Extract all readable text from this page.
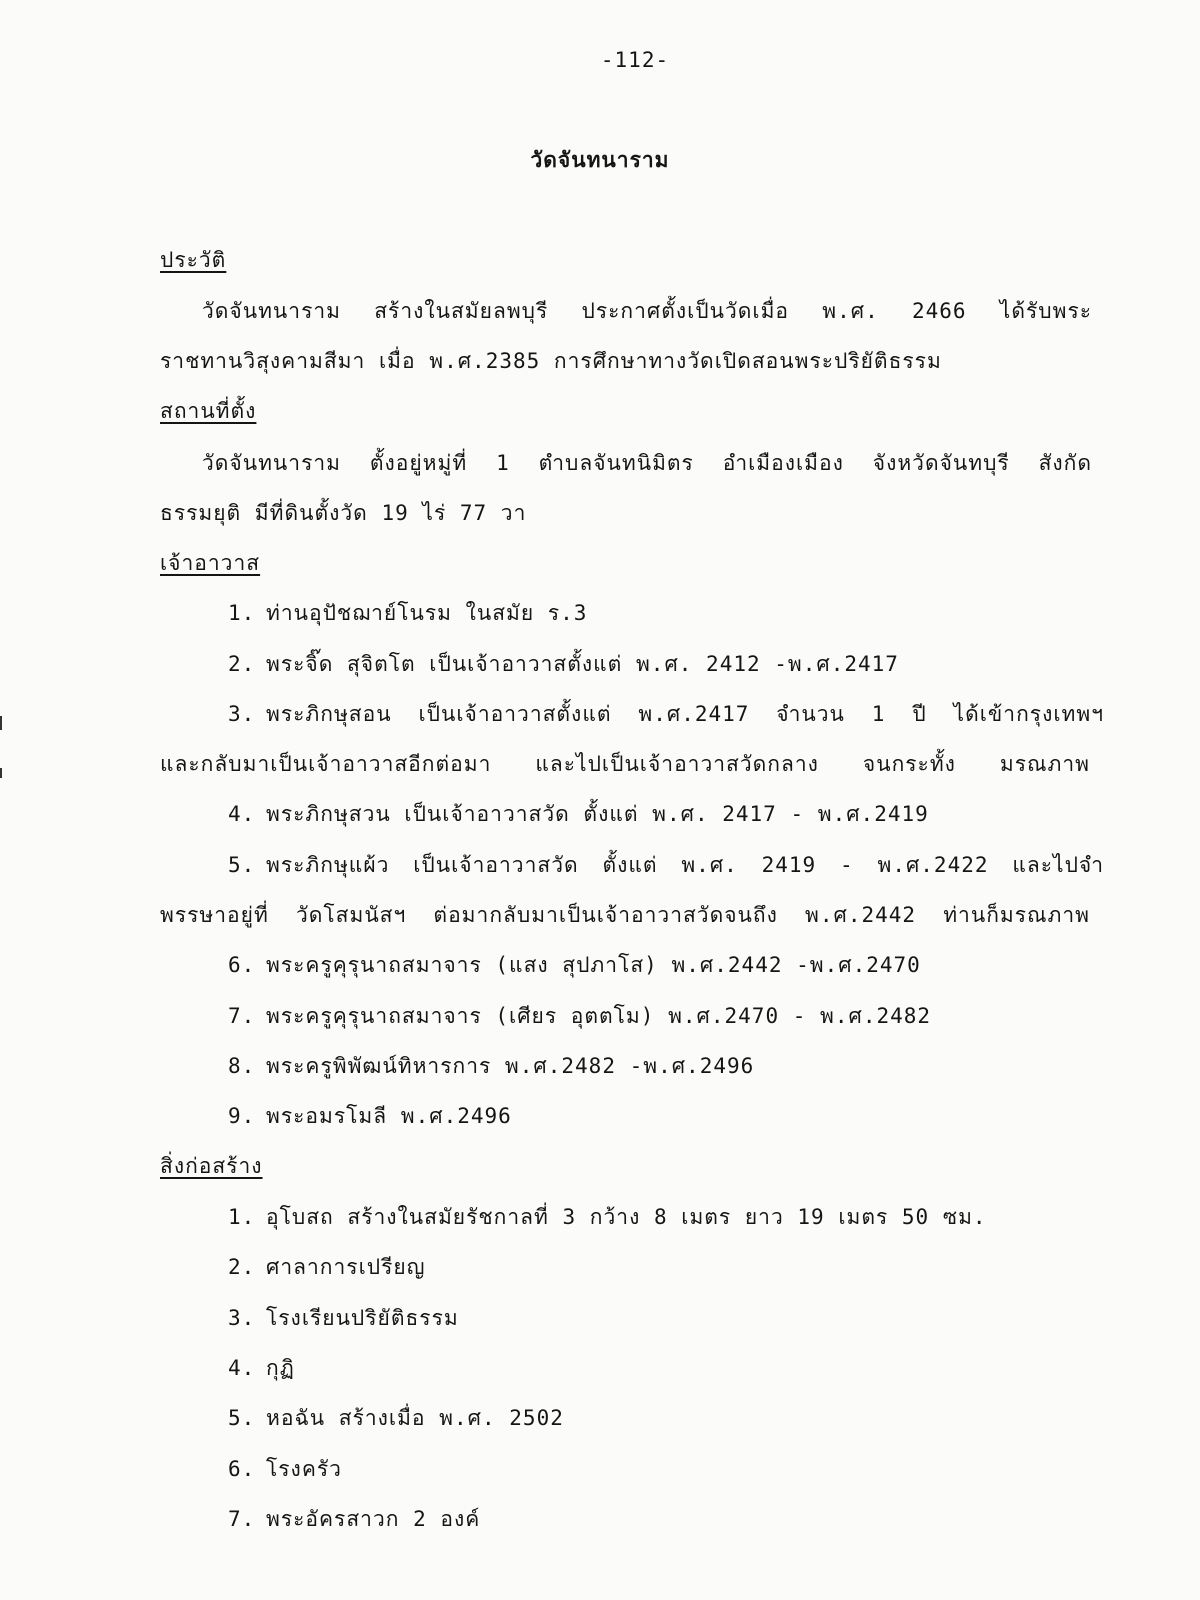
-112-
วัดจันทนาราม
ประวัติ
วัดจันทนาราม สร้างในสมัยลพบุรี ประกาศตั้งเป็นวัดเมื่อ พ.ศ. 2466 ได้รับพระ
ราชทานวิสุงคามสีมา เมื่อ พ.ศ.2385 การศึกษาทางวัดเปิดสอนพระปริยัติธรรม
สถานที่ตั้ง
วัดจันทนาราม ตั้งอยู่หมู่ที่ 1 ตำบลจันทนิมิตร อำเมืองเมือง จังหวัดจันทบุรี สังกัด
ธรรมยุติ มีที่ดินตั้งวัด 19 ไร่ 77 วา
เจ้าอาวาส
1. ท่านอุปัชฌาย์โนรม ในสมัย ร.3
2. พระจิ๊ด สุจิตโต เป็นเจ้าอาวาสตั้งแต่ พ.ศ. 2412 -พ.ศ.2417
3. พระภิกษุสอน เป็นเจ้าอาวาสตั้งแต่ พ.ศ.2417 จำนวน 1 ปี ได้เข้ากรุงเทพฯ
และกลับมาเป็นเจ้าอาวาสอีกต่อมา และไปเป็นเจ้าอาวาสวัดกลาง จนกระทั้ง มรณภาพ
4. พระภิกษุสวน เป็นเจ้าอาวาสวัด ตั้งแต่ พ.ศ. 2417 - พ.ศ.2419
5. พระภิกษุแผ้ว เป็นเจ้าอาวาสวัด ตั้งแต่ พ.ศ. 2419 - พ.ศ.2422 และไปจำ
พรรษาอยู่ที่ วัดโสมนัสฯ ต่อมากลับมาเป็นเจ้าอาวาสวัดจนถึง พ.ศ.2442 ท่านก็มรณภาพ
6. พระครูคุรุนาถสมาจาร (แสง สุปภาโส) พ.ศ.2442 -พ.ศ.2470
7. พระครูคุรุนาถสมาจาร (เศียร อุตตโม) พ.ศ.2470 - พ.ศ.2482
8. พระครูพิพัฒน์ทิหารการ พ.ศ.2482 -พ.ศ.2496
9. พระอมรโมลี พ.ศ.2496
สิ่งก่อสร้าง
1. อุโบสถ สร้างในสมัยรัชกาลที่ 3 กว้าง 8 เมตร ยาว 19 เมตร 50 ซม.
2. ศาลาการเปรียญ
3. โรงเรียนปริยัติธรรม
4. กุฏิ
5. หอฉัน สร้างเมื่อ พ.ศ. 2502
6. โรงครัว
7. พระอัครสาวก 2 องค์
